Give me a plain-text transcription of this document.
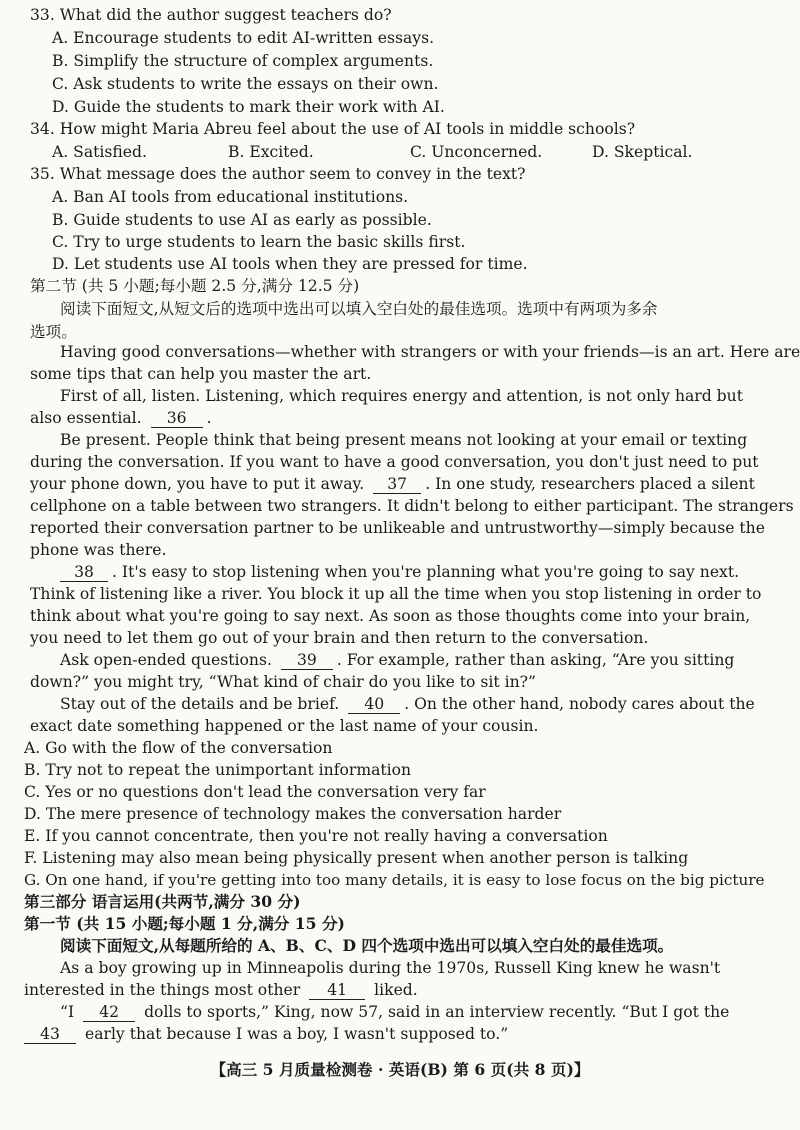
33. What did the author suggest teachers do?
A. Encourage students to edit AI-written essays.
B. Simplify the structure of complex arguments.
C. Ask students to write the essays on their own.
D. Guide the students to mark their work with AI.
34. How might Maria Abreu feel about the use of AI tools in middle schools?
A. Satisfied.	B. Excited.	C. Unconcerned.	D. Skeptical.
35. What message does the author seem to convey in the text?
A. Ban AI tools from educational institutions.
B. Guide students to use AI as early as possible.
C. Try to urge students to learn the basic skills first.
D. Let students use AI tools when they are pressed for time.
第二节 (共 5 小题;每小题 2.5 分,满分 12.5 分)
阅读下面短文,从短文后的选项中选出可以填入空白处的最佳选项。选项中有两项为多余
选项。
Having good conversations—whether with strangers or with your friends—is an art. Here are
some tips that can help you master the art.
First of all, listen. Listening, which requires energy and attention, is not only hard but
also essential. 36 .
Be present. People think that being present means not looking at your email or texting
during the conversation. If you want to have a good conversation, you don't just need to put
your phone down, you have to put it away. 37 . In one study, researchers placed a silent
cellphone on a table between two strangers. It didn't belong to either participant. The strangers
reported their conversation partner to be unlikeable and untrustworthy—simply because the
phone was there.
38 . It's easy to stop listening when you're planning what you're going to say next.
Think of listening like a river. You block it up all the time when you stop listening in order to
think about what you're going to say next. As soon as those thoughts come into your brain,
you need to let them go out of your brain and then return to the conversation.
Ask open-ended questions. 39 . For example, rather than asking, “Are you sitting
down?” you might try, “What kind of chair do you like to sit in?”
Stay out of the details and be brief. 40 . On the other hand, nobody cares about the
exact date something happened or the last name of your cousin.
A. Go with the flow of the conversation
B. Try not to repeat the unimportant information
C. Yes or no questions don't lead the conversation very far
D. The mere presence of technology makes the conversation harder
E. If you cannot concentrate, then you're not really having a conversation
F. Listening may also mean being physically present when another person is talking
G. On one hand, if you're getting into too many details, it is easy to lose focus on the big picture
第三部分 语言运用(共两节,满分 30 分)
第一节 (共 15 小题;每小题 1 分,满分 15 分)
阅读下面短文,从每题所给的 A、B、C、D 四个选项中选出可以填入空白处的最佳选项。
As a boy growing up in Minneapolis during the 1970s, Russell King knew he wasn't
interested in the things most other 41 liked.
“I 42 dolls to sports,” King, now 57, said in an interview recently. “But I got the
43 early that because I was a boy, I wasn't supposed to.”
【高三 5 月质量检测卷 · 英语(B) 第 6 页(共 8 页)】
